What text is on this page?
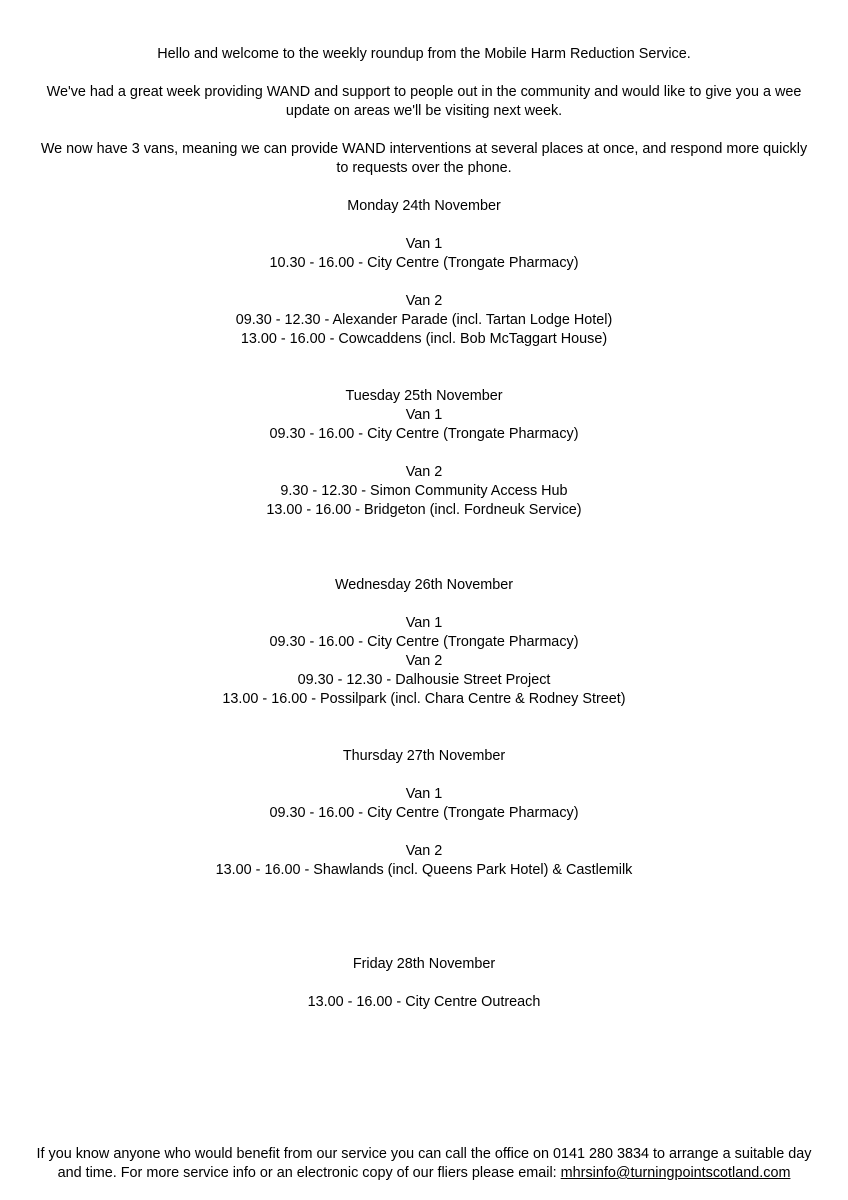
Hello and welcome to the weekly roundup from the Mobile Harm Reduction Service.
We've had a great week providing WAND and support to people out in the community and would like to give you a wee update on areas we'll be visiting next week.
We now have 3 vans, meaning we can provide WAND interventions at several places at once, and respond more quickly to requests over the phone.
Monday 24th November
Van 1
10.30 - 16.00 - City Centre (Trongate Pharmacy)
Van 2
09.30 - 12.30 - Alexander Parade (incl. Tartan Lodge Hotel)
13.00 - 16.00 - Cowcaddens (incl. Bob McTaggart House)
Tuesday 25th November
Van 1
09.30 - 16.00 - City Centre (Trongate Pharmacy)
Van 2
9.30 - 12.30 - Simon Community Access Hub
13.00 - 16.00 - Bridgeton (incl. Fordneuk Service)
Wednesday 26th November
Van 1
09.30 - 16.00 - City Centre (Trongate Pharmacy)
Van 2
09.30 - 12.30 - Dalhousie Street Project
13.00 - 16.00 - Possilpark (incl. Chara Centre & Rodney Street)
Thursday 27th November
Van 1
09.30 - 16.00 - City Centre (Trongate Pharmacy)
Van 2
13.00 - 16.00 - Shawlands (incl. Queens Park Hotel) & Castlemilk
Friday 28th November
13.00 - 16.00 - City Centre Outreach
If you know anyone who would benefit from our service you can call the office on 0141 280 3834 to arrange a suitable day and time. For more service info or an electronic copy of our fliers please email: mhrsinfo@turningpointscotland.com
